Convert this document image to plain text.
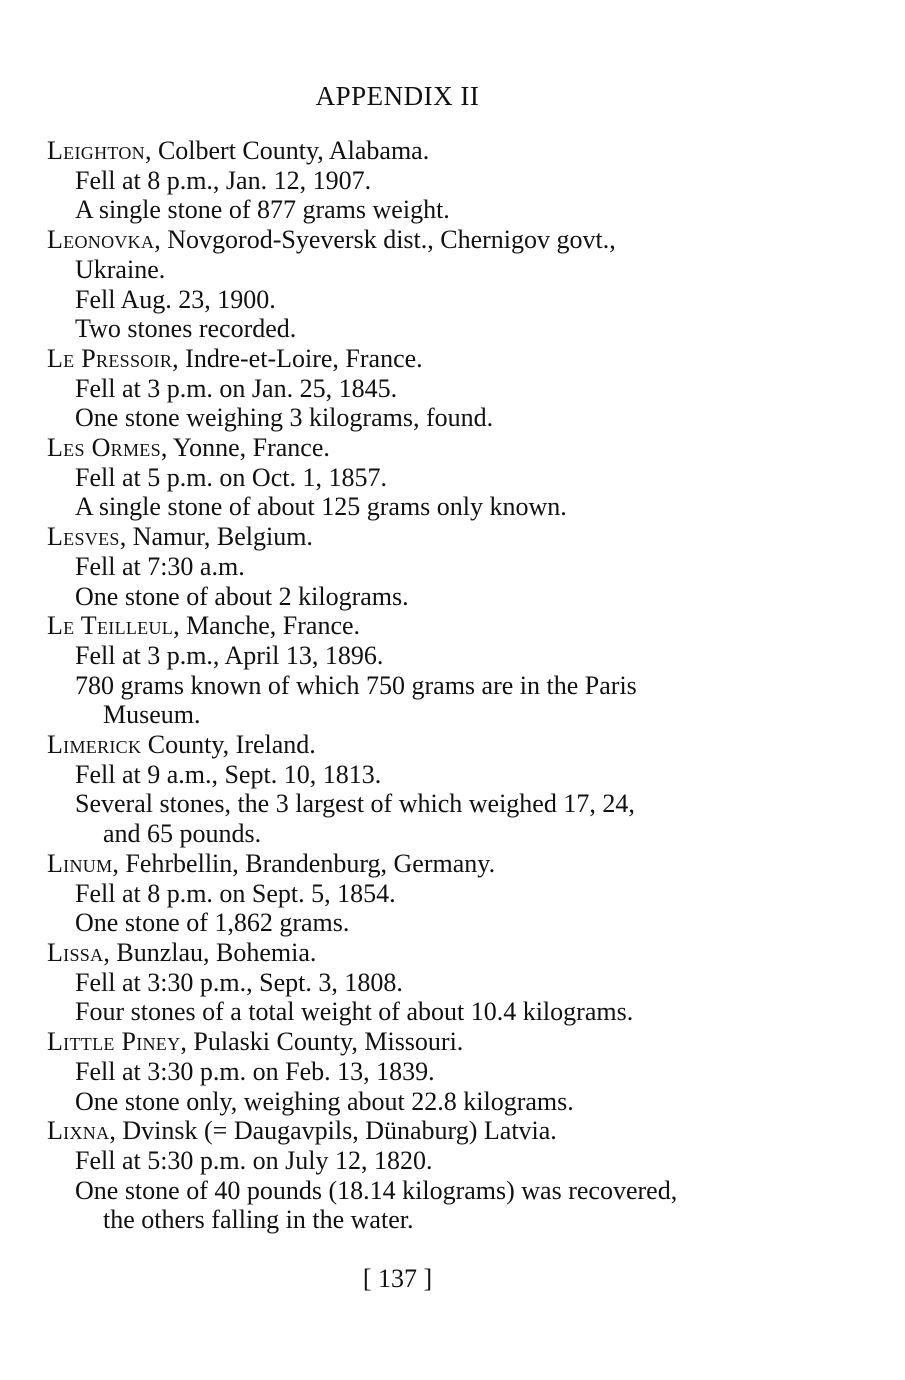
APPENDIX II
Leighton, Colbert County, Alabama.
Fell at 8 p.m., Jan. 12, 1907.
A single stone of 877 grams weight.
Leonovka, Novgorod-Syeversk dist., Chernigov govt.,
Ukraine.
Fell Aug. 23, 1900.
Two stones recorded.
Le Pressoir, Indre-et-Loire, France.
Fell at 3 p.m. on Jan. 25, 1845.
One stone weighing 3 kilograms, found.
Les Ormes, Yonne, France.
Fell at 5 p.m. on Oct. 1, 1857.
A single stone of about 125 grams only known.
Lesves, Namur, Belgium.
Fell at 7:30 a.m.
One stone of about 2 kilograms.
Le Teilleul, Manche, France.
Fell at 3 p.m., April 13, 1896.
780 grams known of which 750 grams are in the Paris
Museum.
Limerick County, Ireland.
Fell at 9 a.m., Sept. 10, 1813.
Several stones, the 3 largest of which weighed 17, 24,
and 65 pounds.
Linum, Fehrbellin, Brandenburg, Germany.
Fell at 8 p.m. on Sept. 5, 1854.
One stone of 1,862 grams.
Lissa, Bunzlau, Bohemia.
Fell at 3:30 p.m., Sept. 3, 1808.
Four stones of a total weight of about 10.4 kilograms.
Little Piney, Pulaski County, Missouri.
Fell at 3:30 p.m. on Feb. 13, 1839.
One stone only, weighing about 22.8 kilograms.
Lixna, Dvinsk (= Daugavpils, Dünaburg) Latvia.
Fell at 5:30 p.m. on July 12, 1820.
One stone of 40 pounds (18.14 kilograms) was recovered,
the others falling in the water.
[ 137 ]
